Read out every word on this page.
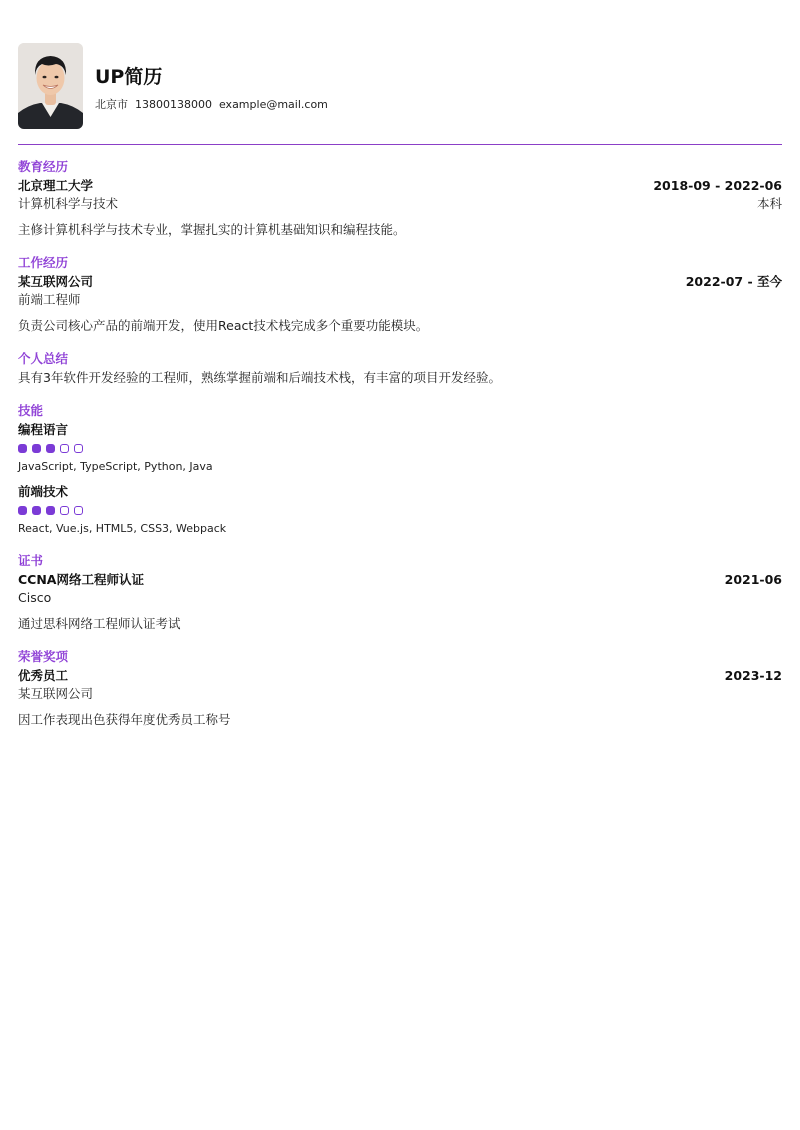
UP简历
北京市 13800138000 example@mail.com
教育经历
北京理工大学	2018-09 - 2022-06
计算机科学与技术	本科
主修计算机科学与技术专业，掌握扎实的计算机基础知识和编程技能。
工作经历
某互联网公司	2022-07 - 至今
前端工程师
负责公司核心产品的前端开发，使用React技术栈完成多个重要功能模块。
个人总结
具有3年软件开发经验的工程师，熟练掌握前端和后端技术栈，有丰富的项目开发经验。
技能
编程语言
JavaScript, TypeScript, Python, Java
前端技术
React, Vue.js, HTML5, CSS3, Webpack
证书
CCNA网络工程师认证	2021-06
Cisco
通过思科网络工程师认证考试
荣誉奖项
优秀员工	2023-12
某互联网公司
因工作表现出色获得年度优秀员工称号
